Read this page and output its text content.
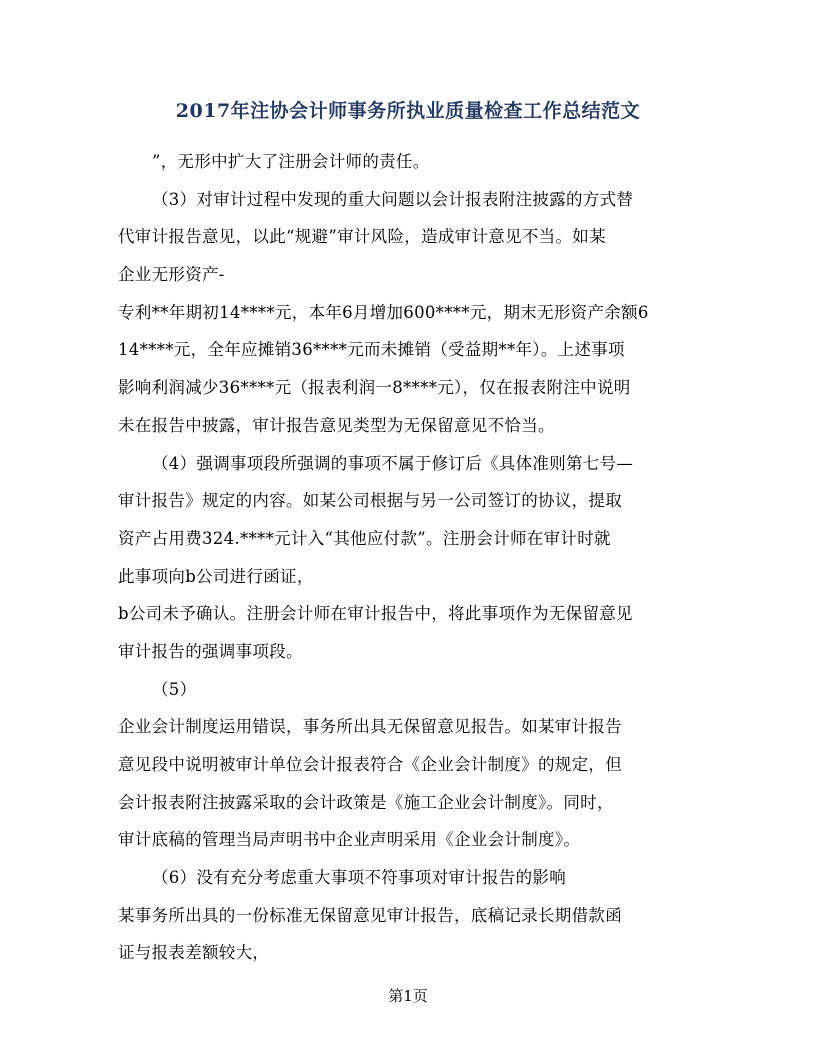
2017年注协会计师事务所执业质量检查工作总结范文
”，无形中扩大了注册会计师的责任。
（3）对审计过程中发现的重大问题以会计报表附注披露的方式替
代审计报告意见，以此“规避”审计风险，造成审计意见不当。如某
企业无形资产-
专利**年期初14****元，本年6月增加600****元，期末无形资产余额6
14****元，全年应摊销36****元而未摊销（受益期**年）。上述事项
影响利润减少36****元（报表利润一8****元），仅在报表附注中说明
未在报告中披露，审计报告意见类型为无保留意见不恰当。
（4）强调事项段所强调的事项不属于修订后《具体准则第七号—
审计报告》规定的内容。如某公司根据与另一公司签订的协议，提取
资产占用费324.****元计入“其他应付款”。注册会计师在审计时就
此事项向b公司进行函证，
b公司未予确认。注册会计师在审计报告中，将此事项作为无保留意见
审计报告的强调事项段。
（5）
企业会计制度运用错误，事务所出具无保留意见报告。如某审计报告
意见段中说明被审计单位会计报表符合《企业会计制度》的规定，但
会计报表附注披露采取的会计政策是《施工企业会计制度》。同时，
审计底稿的管理当局声明书中企业声明采用《企业会计制度》。
（6）没有充分考虑重大事项不符事项对审计报告的影响
某事务所出具的一份标准无保留意见审计报告，底稿记录长期借款函
证与报表差额较大，
第1页
